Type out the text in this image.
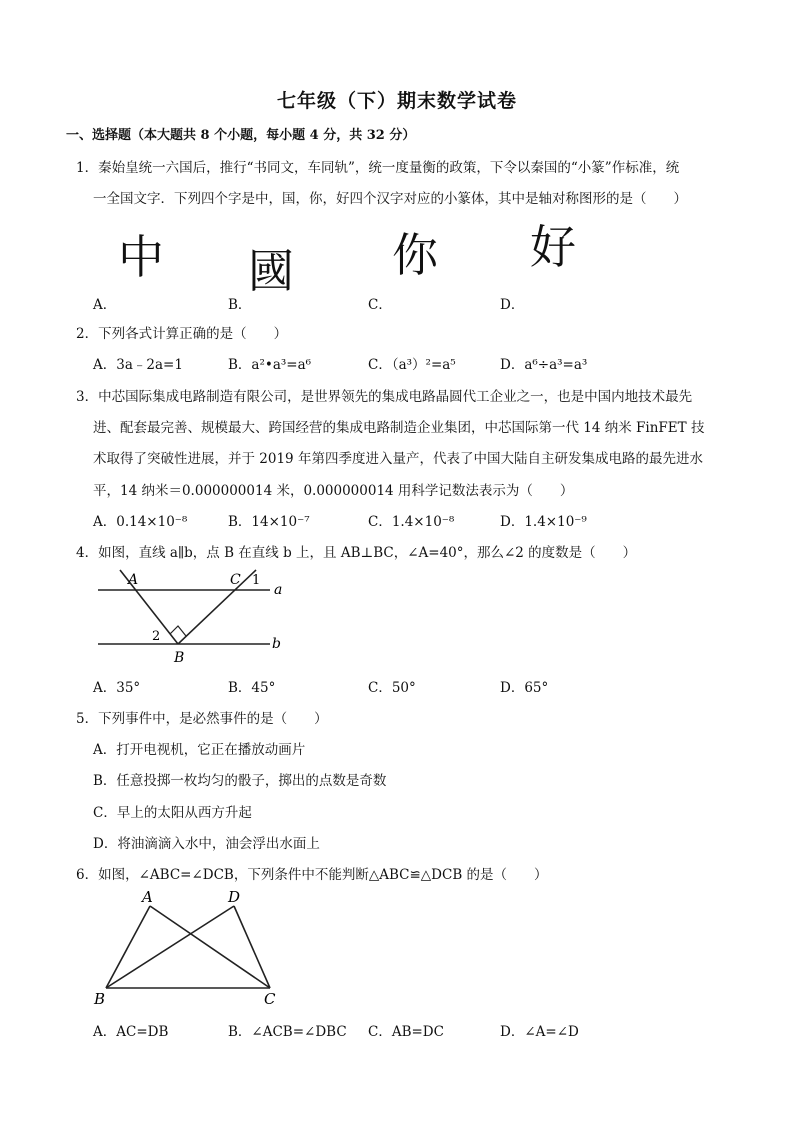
七年级（下）期末数学试卷
一、选择题（本大题共 8 个小题，每小题 4 分，共 32 分）
1．秦始皇统一六国后，推行“书同文，车同轨”，统一度量衡的政策，下令以秦国的“小篆”作标准，统
一全国文字．下列四个字是中，国，你，好四个汉字对应的小篆体，其中是轴对称图形的是（　　）
中 國 你 好
A．	B．	C．	D．
2．下列各式计算正确的是（　　）
A．3a﹣2a=1	B．a²•a³=a⁶	C．（a³）²=a⁵	D．a⁶÷a³=a³
3．中芯国际集成电路制造有限公司，是世界领先的集成电路晶圆代工企业之一，也是中国内地技术最先
进、配套最完善、规模最大、跨国经营的集成电路制造企业集团，中芯国际第一代 14 纳米 FinFET 技
术取得了突破性进展，并于 2019 年第四季度进入量产，代表了中国大陆自主研发集成电路的最先进水
平，14 纳米＝0.000000014 米，0.000000014 用科学记数法表示为（　　）
A．0.14×10⁻⁸	B．14×10⁻⁷	C．1.4×10⁻⁸	D．1.4×10⁻⁹
4．如图，直线 a∥b，点 B 在直线 b 上，且 AB⊥BC，∠A=40°，那么∠2 的度数是（　　）
A	C 1
a
2
B
b
A．35°	B．45°	C．50°	D．65°
5．下列事件中，是必然事件的是（　　）
A．打开电视机，它正在播放动画片
B．任意投掷一枚均匀的骰子，掷出的点数是奇数
C．早上的太阳从西方升起
D．将油滴滴入水中，油会浮出水面上
6．如图，∠ABC=∠DCB，下列条件中不能判断△ABC≌△DCB 的是（　　）
A	D
B	C
A．AC=DB	B．∠ACB=∠DBC C．AB=DC	D．∠A=∠D
